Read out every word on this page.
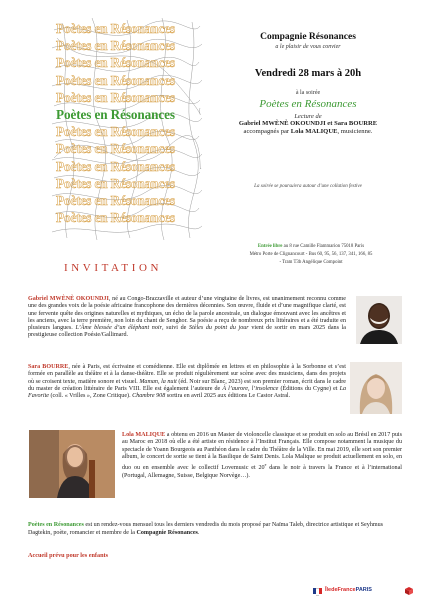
Poètes en Résonances
Poètes en Résonances
Poètes en Résonances
Poètes en Résonances
Poètes en Résonances
Poètes en Résonances
Poètes en Résonances
Poètes en Résonances
Poètes en Résonances
Poètes en Résonances
Poètes en Résonances
Poètes en Résonances
INVITATION
Compagnie Résonances
a le plaisir de vous convier
Vendredi 28 mars à 20h
à la soirée
Poètes en Résonances
Lecture de
Gabriel MWÈNÈ OKOUNDJI et Sara BOURRE
accompagnés par Lola MALIQUE, musicienne.
La soirée se poursuivra autour d’une collation festive
Entrée libre au 8 rue Camille Flammarion 75018 Paris
Métro Porte de Clignancourt - Bus 60, 95, 56, 137, 341, 166, 85
- Tram T3b Angélique Compoint
Gabriel MWÈNÈ OKOUNDJI, né au Congo-Brazzaville et auteur d’une vingtaine de livres, est unanimement reconnu comme une des grandes voix de la poésie africaine francophone des dernières décennies. Son œuvre, fluide et d’une magnifique clarté, est une fervente quête des origines naturelles et mythiques, un écho de la parole ancestrale, un dialogue émouvant avec les ancêtres et les anciens, avec la terre première, non loin du chant de Senghor. Sa poésie a reçu de nombreux prix littéraires et a été traduite en plusieurs langues. L’Âme blessée d’un éléphant noir, suivi de Stèles du point du jour vient de sortir en mars 2025 dans la prestigieuse collection Poésie/Gallimard.
Sara BOURRE, née à Paris, est écrivaine et comédienne. Elle est diplômée en lettres et en philosophie à la Sorbonne et s’est formée en parallèle au théâtre et à la danse-théâtre. Elle se produit régulièrement sur scène avec des musiciens, dans des projets où se croisent texte, matière sonore et visuel. Maman, la nuit (éd. Noir sur Blanc, 2023) est son premier roman, écrit dans le cadre du master de création littéraire de Paris VIII. Elle est également l’auteure de À l’aurore, l’insolence (Éditions du Cygne) et La Favorite (coll. « Vrilles », Zone Critique). Chambre 908 sortira en avril 2025 aux éditions Le Castor Astral.
Lola MALIQUE a obtenu en 2016 un Master de violoncelle classique et se produit en solo au Brésil en 2017 puis au Maroc en 2018 où elle a été artiste en résidence à l’Institut Français. Elle compose notamment la musique du spectacle de Yoann Bourgeois au Panthéon dans le cadre du Théâtre de la Ville. En mai 2019, elle sort son premier album, le concert de sortie se tient à la Basilique de Saint Denis. Lola Malique se produit actuellement en solo, en duo ou en ensemble avec le collectif Lovemusic et 20e dans le noir à travers la France et à l’international (Portugal, Allemagne, Suisse, Belgique Norvège…).
Poètes en Résonances est un rendez-vous mensuel tous les derniers vendredis du mois proposé par Naïma Taleb, directrice artistique et Seyhmus Dagtekin, poète, romancier et membre de la Compagnie Résonances.
Accueil prévu pour les enfants
ÎledeFrancePARIS
